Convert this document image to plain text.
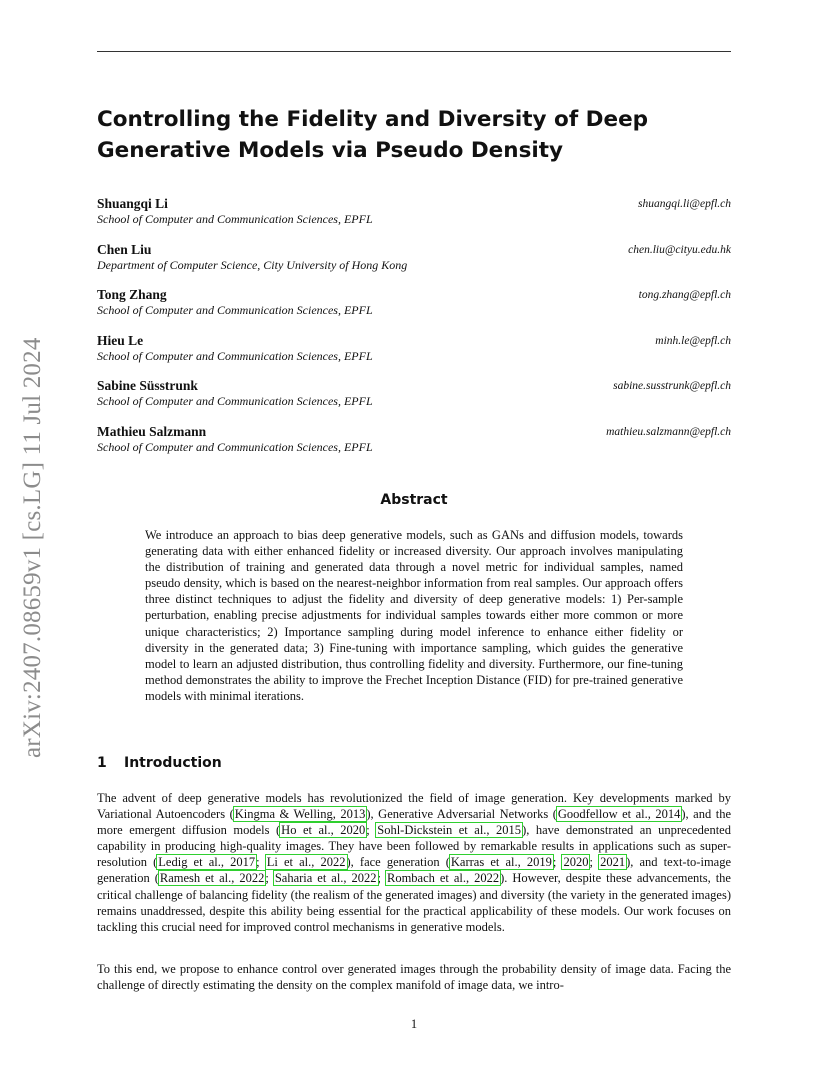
arXiv:2407.08659v1 [cs.LG] 11 Jul 2024
Controlling the Fidelity and Diversity of Deep Generative Models via Pseudo Density
Shuangqi Li
School of Computer and Communication Sciences, EPFL
shuangqi.li@epfl.ch
Chen Liu
Department of Computer Science, City University of Hong Kong
chen.liu@cityu.edu.hk
Tong Zhang
School of Computer and Communication Sciences, EPFL
tong.zhang@epfl.ch
Hieu Le
School of Computer and Communication Sciences, EPFL
minh.le@epfl.ch
Sabine Süsstrunk
School of Computer and Communication Sciences, EPFL
sabine.susstrunk@epfl.ch
Mathieu Salzmann
School of Computer and Communication Sciences, EPFL
mathieu.salzmann@epfl.ch
Abstract
We introduce an approach to bias deep generative models, such as GANs and diffusion models, towards generating data with either enhanced fidelity or increased diversity. Our approach involves manipulating the distribution of training and generated data through a novel metric for individual samples, named pseudo density, which is based on the nearest-neighbor information from real samples. Our approach offers three distinct techniques to adjust the fidelity and diversity of deep generative models: 1) Per-sample perturbation, enabling precise adjustments for individual samples towards either more common or more unique characteristics; 2) Importance sampling during model inference to enhance either fidelity or diversity in the generated data; 3) Fine-tuning with importance sampling, which guides the generative model to learn an adjusted distribution, thus controlling fidelity and diversity. Furthermore, our fine-tuning method demonstrates the ability to improve the Frechet Inception Distance (FID) for pre-trained generative models with minimal iterations.
1 Introduction
The advent of deep generative models has revolutionized the field of image generation. Key developments marked by Variational Autoencoders (Kingma & Welling, 2013), Generative Adversarial Networks (Goodfellow et al., 2014), and the more emergent diffusion models (Ho et al., 2020; Sohl-Dickstein et al., 2015), have demonstrated an unprecedented capability in producing high-quality images. They have been followed by remarkable results in applications such as super-resolution (Ledig et al., 2017; Li et al., 2022), face generation (Karras et al., 2019; 2020; 2021), and text-to-image generation (Ramesh et al., 2022; Saharia et al., 2022; Rombach et al., 2022). However, despite these advancements, the critical challenge of balancing fidelity (the realism of the generated images) and diversity (the variety in the generated images) remains unaddressed, despite this ability being essential for the practical applicability of these models. Our work focuses on tackling this crucial need for improved control mechanisms in generative models.
To this end, we propose to enhance control over generated images through the probability density of image data. Facing the challenge of directly estimating the density on the complex manifold of image data, we intro-
1
